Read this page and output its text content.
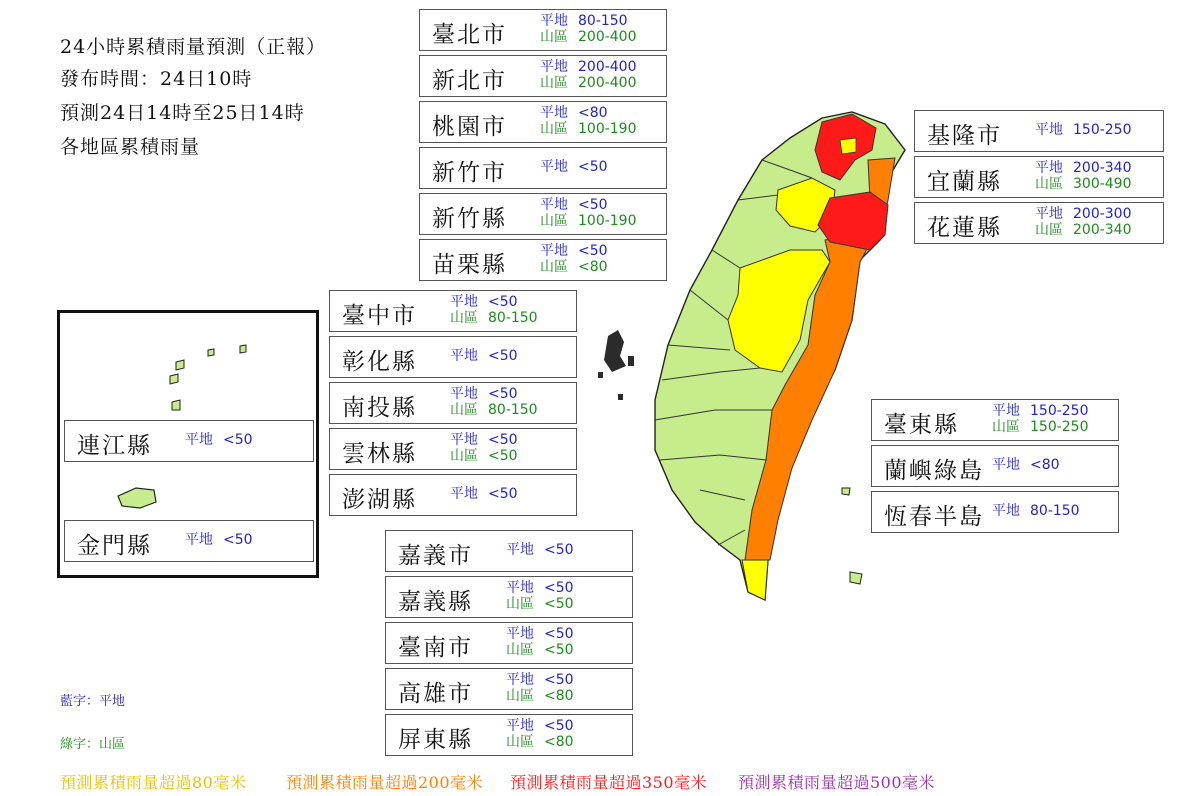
24小時累積雨量預測（正報）
發布時間：24日10時
預測24日14時至25日14時
各地區累積雨量
臺北市
平地 80-150
山區 200-400
新北市
平地 200-400
山區 200-400
桃園市
平地 <80
山區 100-190
新竹市 平地 <50
新竹縣
平地 <50
山區 100-190
苗栗縣
平地 <50
山區 <80
臺中市
平地 <50
山區 80-150
彰化縣 平地 <50
南投縣
平地 <50
山區 80-150
雲林縣
平地 <50
山區 <50
澎湖縣 平地 <50
嘉義市 平地 <50
嘉義縣
平地 <50
山區 <50
臺南市
平地 <50
山區 <50
高雄市
平地 <50
山區 <80
屏東縣
平地 <50
山區 <80
基隆市 平地 150-250
宜蘭縣
平地 200-340
山區 300-490
花蓮縣
平地 200-300
山區 200-340
臺東縣
平地 150-250
山區 150-250
蘭嶼綠島 平地 <80
恆春半島 平地 80-150
連江縣 平地 <50
金門縣 平地 <50
藍字：平地
綠字：山區
預測累積雨量超過80毫米 預測累積雨量超過200毫米 預測累積雨量超過350毫米 預測累積雨量超過500毫米
